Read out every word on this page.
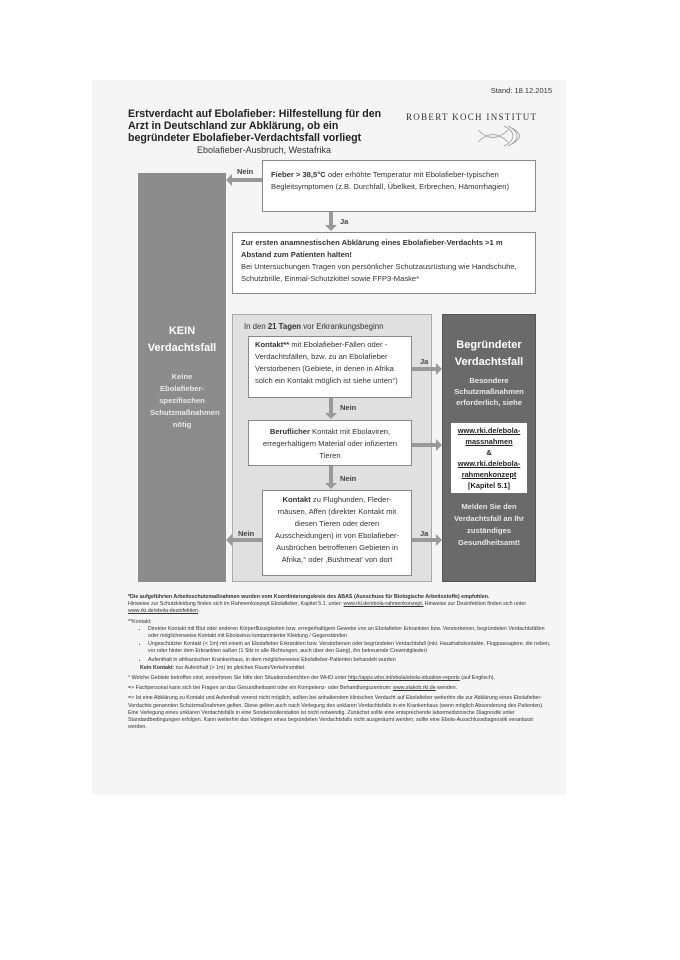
Stand: 18.12.2015
Erstverdacht auf Ebolafieber: Hilfestellung für den Arzt in Deutschland zur Abklärung, ob ein begründeter Ebolafieber-Verdachtsfall vorliegt
Ebolafieber-Ausbruch, Westafrika
ROBERT KOCH INSTITUT
KEIN Verdachtsfall
Keine Ebolafieber-spezifischen Schutzmaßnahmen nötig
Begründeter Verdachtsfall
Besondere Schutzmaßnahmen erforderlich, siehe
www.rki.de/ebola- massnahmen
&
www.rki.de/ebola-rahmenkonzept
[Kapitel 5.1]
Melden Sie den Verdachtsfall an Ihr zuständiges Gesundheitsamt!
Fieber > 38,5°C oder erhöhte Temperatur mit Ebolafieber-typischen Begleitsymptomen (z.B. Durchfall, Übelkeit, Erbrechen, Hämorrhagien)
Nein
Ja
Zur ersten anamnestischen Abklärung eines Ebolafieber-Verdachts >1 m Abstand zum Patienten halten!
Bei Untersuchungen Tragen von persönlicher Schutzausrüstung wie Handschuhe, Schutzbrille, Einmal-Schutzkittel sowie FFP3-Maske*
In den 21 Tagen vor Erkrankungsbeginn
Kontakt** mit Ebolafieber-Fällen oder -Verdachtsfällen, bzw. zu an Ebolafieber Verstorbenen (Gebiete, in denen in Afrika solch ein Kontakt möglich ist siehe unten°)
Ja
Nein
Beruflicher Kontakt mit Ebolaviren, erregerhaltigem Material oder infizierten Tieren
Nein
Kontakt zu Flughunden, Fleder-mäusen, Affen (direkter Kontakt mit diesen Tieren oder deren Ausscheidungen) in von Ebolafieber-Ausbrüchen betroffenen Gebieten in Afrika,° oder ‚Bushmeat' von dort
Nein	Ja

*Die aufgeführten Arbeitsschutzmaßnahmen wurden vom Koordinierungskreis des ABAS (Ausschuss für Biologische Arbeitsstoffe) empfohlen.
Hinweise zur Schutzkleidung finden sich im Rahmenkonzept Ebolafieber, Kapitel 5.1. unter: www.rki.de/ebola-rahmenkonzept. Hinweise zur Desinfektion finden sich unter www.rki.de/ebola-desinfektion.

**Kontakt:

• Direkter Kontakt mit Blut oder anderen Körperflüssigkeiten bzw. erregerhaltigem Gewebe von an Ebolafieber Erkrankten bzw. Verstorbenen, begründeten Verdachtsfällen oder möglicherweise Kontakt mit Ebolavirus kontaminierter Kleidung / Gegenständen
• Ungeschützter Kontakt (< 1m) mit einem an Ebolafieber Erkrankten bzw. Verstorbenen oder begründeten Verdachtsfall (inkl. Haushaltskontakte, Flugpassagiere, die neben, vor oder hinter dem Erkrankten saßen (1 Sitz in alle Richtungen, auch über den Gang), ihn betreuende Crewmitglieder)
• Aufenthalt in afrikanischen Krankenhaus, in dem möglicherweise Ebolafieber-Patienten behandelt wurden

Kein Kontakt: nur Aufenthalt (> 1m) im gleichen Raum/Verkehrsmittel.

° Welche Gebiete betroffen sind, entnehmen Sie bitte den Situationsberichten der WHO unter http://apps.who.int/ebola/ebola-situation-reports (auf Englisch).

=> Fachpersonal kann sich bei Fragen an das Gesundheitsamt oder ein Kompetenz- oder Behandlungszentrum: www.stakob.rki.de wenden.

=> Ist eine Abklärung zu Kontakt und Aufenthalt vorerst nicht möglich, sollten bei anhaltendem klinischen Verdacht auf Ebolafieber weiterhin die zur Abklärung eines Ebolafieber-Verdachts genannten Schutzmaßnahmen gelten. Diese gelten auch nach Verlegung des unklaren Verdachtsfalls in ein Krankenhaus (wenn möglich Absonderung des Patienten). Eine Verlegung eines unklaren Verdachtsfalls in eine Sonderisolierstation ist nicht notwendig. Zunächst sollte eine entsprechende labormedizinische Diagnostik unter Standardbedingungen erfolgen. Kann weiterhin das Vorliegen eines begründeten Verdachtsfalls nicht ausgeräumt werden, sollte eine Ebola-Ausschlussdiagnostik veranlasst werden.
